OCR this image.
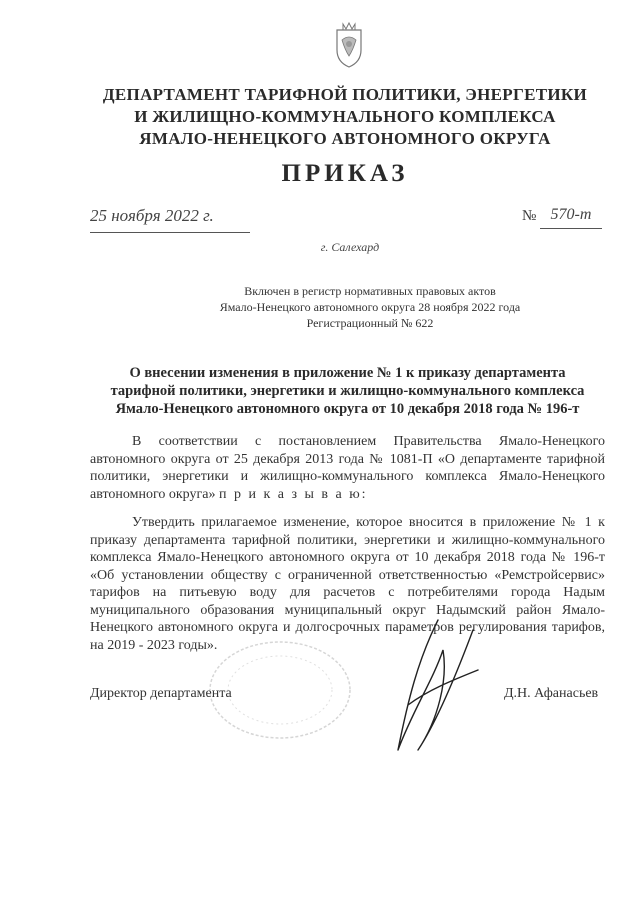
ДЕПАРТАМЕНТ ТАРИФНОЙ ПОЛИТИКИ, ЭНЕРГЕТИКИ
И ЖИЛИЩНО-КОММУНАЛЬНОГО КОМПЛЕКСА
ЯМАЛО-НЕНЕЦКОГО АВТОНОМНОГО ОКРУГА
ПРИКАЗ
25 ноября 2022 г.	№ 570-т
г. Салехард
Включен в регистр нормативных правовых актов
Ямало-Ненецкого автономного округа 28 ноября 2022 года
Регистрационный № 622
О внесении изменения в приложение № 1 к приказу департамента
тарифной политики, энергетики и жилищно-коммунального комплекса
Ямало-Ненецкого автономного округа от 10 декабря 2018 года № 196-т
В соответствии с постановлением Правительства Ямало-Ненецкого автономного округа от 25 декабря 2013 года № 1081-П «О департаменте тарифной политики, энергетики и жилищно-коммунального комплекса Ямало-Ненецкого автономного округа» п р и к а з ы в а ю:
Утвердить прилагаемое изменение, которое вносится в приложение № 1 к приказу департамента тарифной политики, энергетики и жилищно-коммунального комплекса Ямало-Ненецкого автономного округа от 10 декабря 2018 года № 196-т «Об установлении обществу с ограниченной ответственностью «Ремстройсервис» тарифов на питьевую воду для расчетов с потребителями города Надым муниципального образования муниципальный округ Надымский район Ямало-Ненецкого автономного округа и долгосрочных параметров регулирования тарифов, на 2019 - 2023 годы».
Директор департамента	Д.Н. Афанасьев
